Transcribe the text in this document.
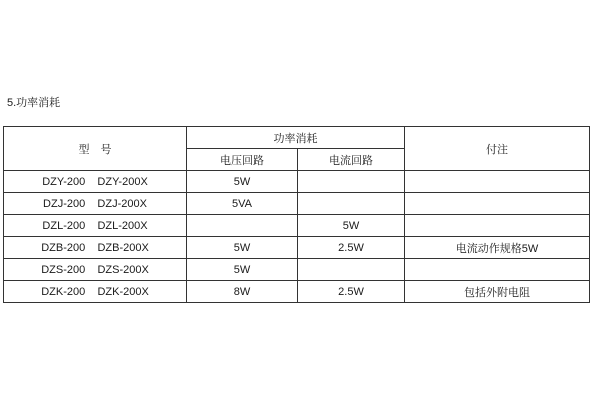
5.功率消耗
型　号	功率消耗		付注
	电压回路	电流回路	
DZY-200    DZY-200X	5W		
DZJ-200    DZJ-200X	5VA		
DZL-200    DZL-200X		5W	
DZB-200    DZB-200X	5W	2.5W	电流动作规格5W
DZS-200    DZS-200X	5W		
DZK-200    DZK-200X	8W	2.5W	包括外附电阻
